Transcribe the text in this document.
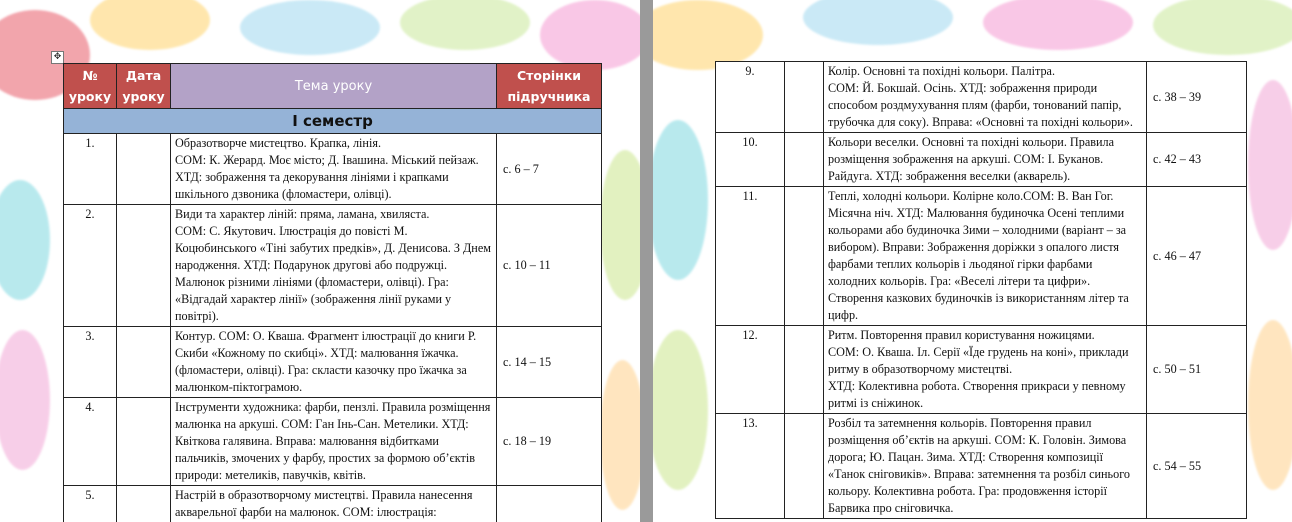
✥
№ уроку	Дата уроку	Тема уроку	Сторінки підручника
І семестр			
1.		Образотворче мистецтво. Крапка, лінія.
СОМ: К. Жерард. Моє місто; Д. Івашина. Міський пейзаж. ХТД: зображення та декорування лініями і крапками шкільного дзвоника (фломастери, олівці).	с. 6 – 7
2.		Види та характер ліній: пряма, ламана, хвиляста.
СОМ: С. Якутович. Ілюстрація до повісті М. Коцюбинського «Тіні забутих предків», Д. Денисова. З Днем народження. ХТД: Подарунок другові або подружці. Малюнок різними лініями (фломастери, олівці). Гра: «Відгадай характер лінії» (зображення лінії руками у повітрі).	с. 10 – 11
3.		Контур. СОМ: О. Кваша. Фрагмент ілюстрації до книги Р. Скиби «Кожному по скибці». ХТД: малювання їжачка. (фломастери, олівці). Гра: скласти казочку про їжачка за малюнком-піктограмою.	с. 14 – 15
4.		Інструменти художника: фарби, пензлі. Правила розміщення малюнка на аркуші. СОМ: Ган Інь-Сан. Метелики. ХТД: Квіткова галявина. Вправа: малювання відбитками пальчиків, змочених у фарбу, простих за формою об’єктів природи: метеликів, павучків, квітів.	с. 18 – 19
5.		Настрій в образотворчому мистецтві. Правила нанесення акварельної фарби на малюнок. СОМ: ілюстрація:	
9.		Колір. Основні та похідні кольори. Палітра.
СОМ: Й. Бокшай. Осінь. ХТД: зображення природи способом роздмухування плям (фарби, тонований папір, трубочка для соку). Вправа: «Основні та похідні кольори».	с. 38 – 39
10.		Кольори веселки. Основні та похідні кольори. Правила розміщення зображення на аркуші. СОМ: І. Буканов. Райдуга. ХТД: зображення веселки (акварель).	с. 42 – 43
11.		Теплі, холодні кольори. Колірне коло.СОМ: В. Ван Гог. Місячна ніч. ХТД: Малювання будиночка Осені теплими кольорами або будиночка Зими – холодними (варіант – за вибором). Вправи: Зображення доріжки з опалого листя фарбами теплих кольорів і льодяної гірки фарбами холодних кольорів. Гра: «Веселі літери та цифри». Створення казкових будиночків із використанням літер та цифр.	с. 46 – 47
12.		Ритм. Повторення правил користування ножицями.
СОМ: О. Кваша. Іл. Серії «Їде грудень на коні», приклади ритму в образотворчому мистецтві.
ХТД: Колективна робота. Створення прикраси у певному ритмі із сніжинок.	с. 50 – 51
13.		Розбіл та затемнення кольорів. Повторення правил розміщення об’єктів на аркуші. СОМ: К. Головін. Зимова дорога; Ю. Пацан. Зима. ХТД: Створення композиції «Танок сніговиків». Вправа: затемнення та розбіл синього кольору. Колективна робота. Гра: продовження історії Барвика про сніговичка.	с. 54 – 55
